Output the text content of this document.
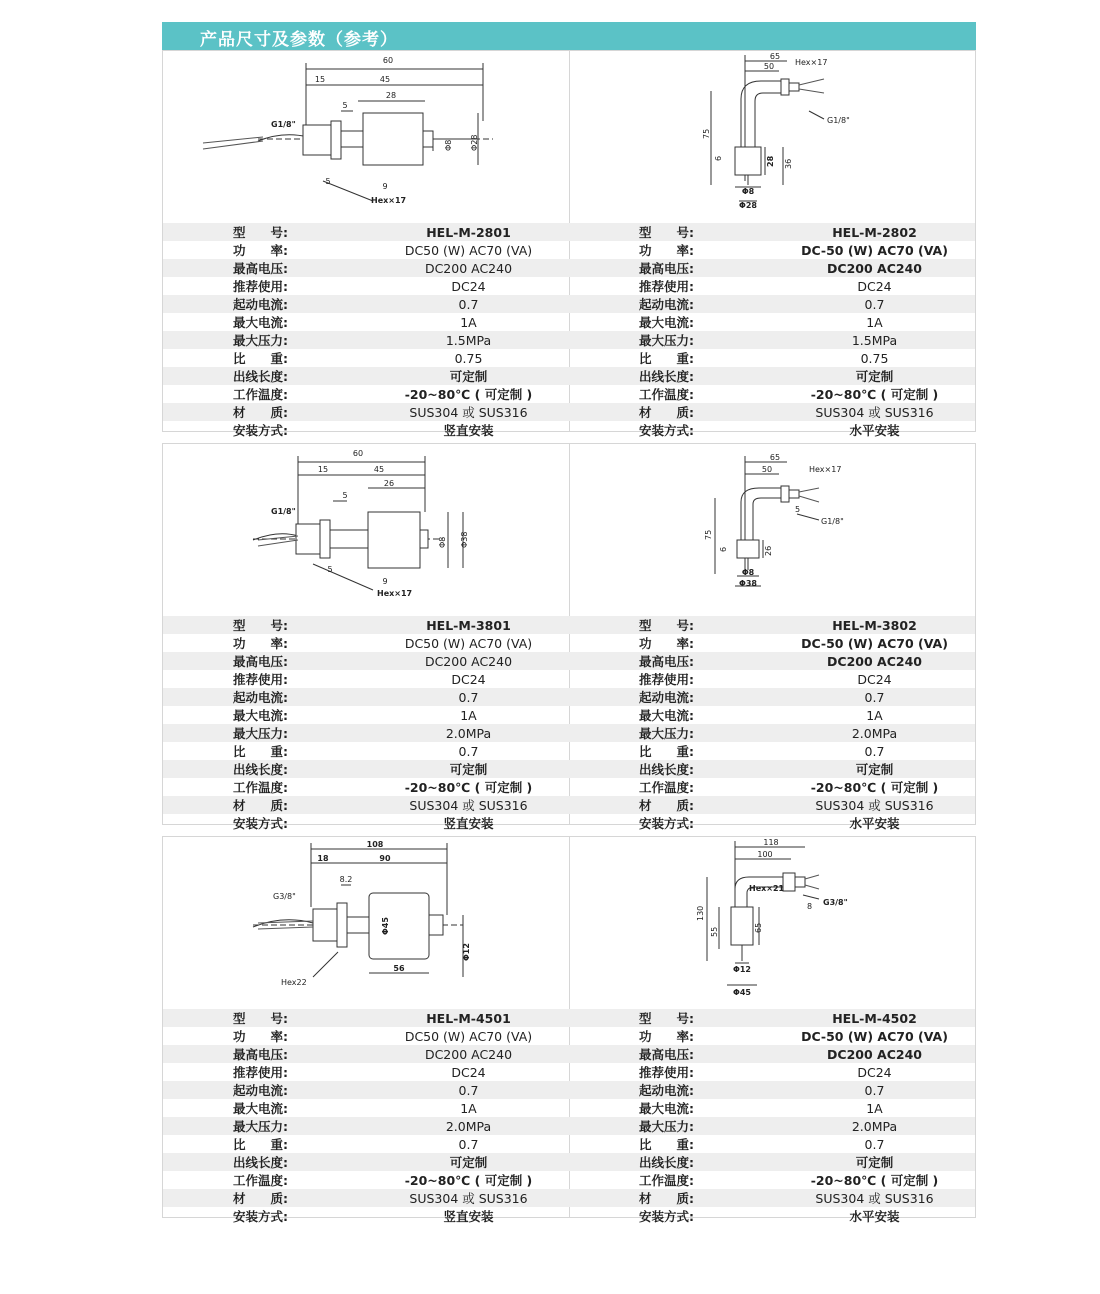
产品尺寸及参数（参考）
60
15	45
5
28
5
9
G1/8"
Hex×17
Φ8 Φ28
型　　号:	HEL-M-2801
功　　率:	DC50 (W) AC70 (VA)
最高电压:	DC200 AC240
推荐使用:	DC24
起动电流:	0.7
最大电流:	1A
最大压力:	1.5MPa
比　　重:	0.75
出线长度:	可定制
工作温度:	-20~80℃ ( 可定制 )
材　　质:	SUS304 或 SUS316
安装方式:	竖直安装
65
50	Hex×17
G1/8"
75
6	28 36
Φ8
Φ28
型　　号:	HEL-M-2802
功　　率:	DC-50 (W) AC70 (VA)
最高电压:	DC200 AC240
推荐使用:	DC24
起动电流:	0.7
最大电流:	1A
最大压力:	1.5MPa
比　　重:	0.75
出线长度:	可定制
工作温度:	-20~80℃ ( 可定制 )
材　　质:	SUS304 或 SUS316
安装方式:	水平安装
60
15	45
5
26
5
9
G1/8"
Hex×17
Φ8 Φ38
型　　号:	HEL-M-3801
功　　率:	DC50 (W) AC70 (VA)
最高电压:	DC200 AC240
推荐使用:	DC24
起动电流:	0.7
最大电流:	1A
最大压力:	2.0MPa
比　　重:	0.7
出线长度:	可定制
工作温度:	-20~80℃ ( 可定制 )
材　　质:	SUS304 或 SUS316
安装方式:	竖直安装
65
50	Hex×17
G1/8"
75
6	26
5
Φ8
Φ38
型　　号:	HEL-M-3802
功　　率:	DC-50 (W) AC70 (VA)
最高电压:	DC200 AC240
推荐使用:	DC24
起动电流:	0.7
最大电流:	1A
最大压力:	2.0MPa
比　　重:	0.7
出线长度:	可定制
工作温度:	-20~80℃ ( 可定制 )
材　　质:	SUS304 或 SUS316
安装方式:	水平安装
108
18	90
8.2
56
G3/8"
Hex22
Φ45
Φ12
型　　号:	HEL-M-4501
功　　率:	DC50 (W) AC70 (VA)
最高电压:	DC200 AC240
推荐使用:	DC24
起动电流:	0.7
最大电流:	1A
最大压力:	2.0MPa
比　　重:	0.7
出线长度:	可定制
工作温度:	-20~80℃ ( 可定制 )
材　　质:	SUS304 或 SUS316
安装方式:	竖直安装
118
100
Hex×21
G3/8"
130
55	65
8
Φ12
Φ45
型　　号:	HEL-M-4502
功　　率:	DC-50 (W) AC70 (VA)
最高电压:	DC200 AC240
推荐使用:	DC24
起动电流:	0.7
最大电流:	1A
最大压力:	2.0MPa
比　　重:	0.7
出线长度:	可定制
工作温度:	-20~80℃ ( 可定制 )
材　　质:	SUS304 或 SUS316
安装方式:	水平安装
